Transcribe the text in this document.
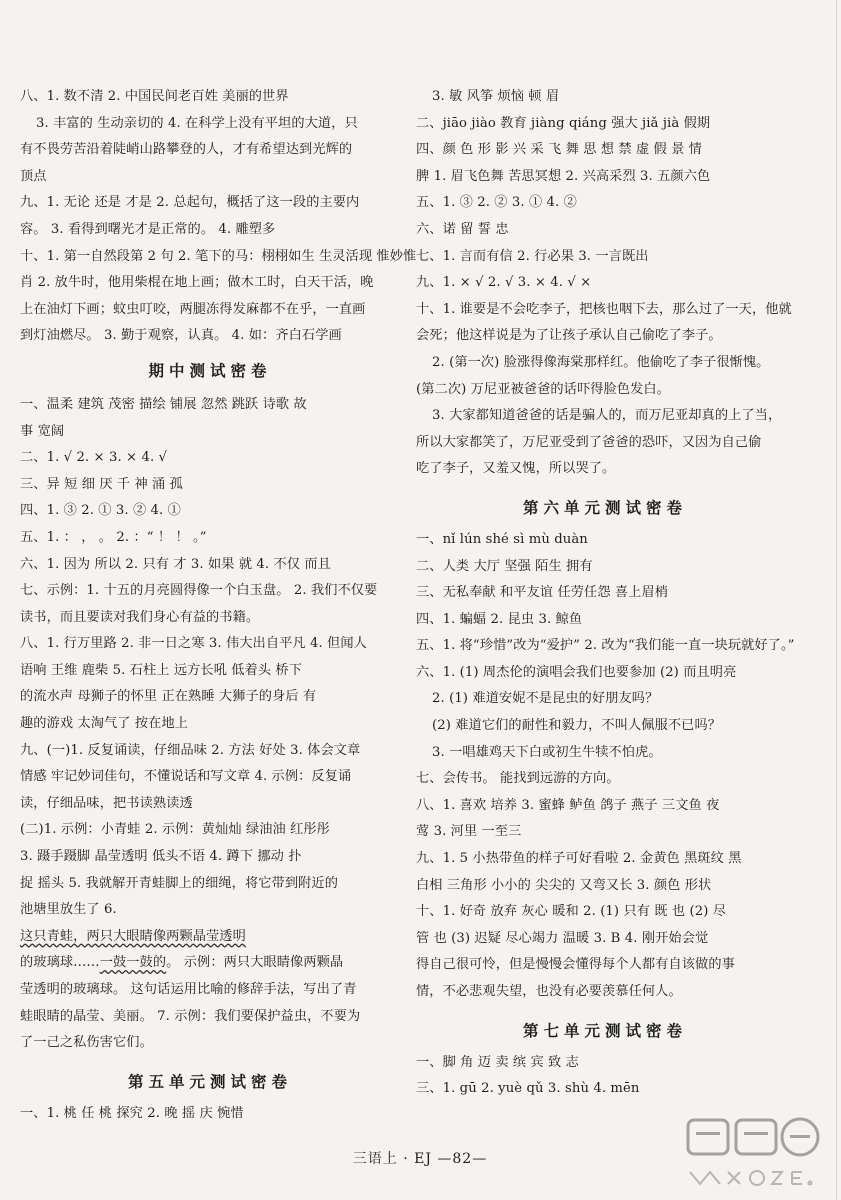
八、1. 数不清 2. 中国民间老百姓 美丽的世界
3. 丰富的 生动亲切的 4. 在科学上没有平坦的大道，只
有不畏劳苦沿着陡峭山路攀登的人，才有希望达到光辉的
顶点
九、1. 无论 还是 才是 2. 总起句，概括了这一段的主要内
容。 3. 看得到曙光才是正常的。 4. 雕塑多
十、1. 第一自然段第 2 句 2. 笔下的马：栩栩如生 生灵活现 惟妙惟
肖 2. 放牛时，他用柴棍在地上画；做木工时，白天干活，晚
上在油灯下画；蚊虫叮咬，两腿冻得发麻都不在乎，一直画
到灯油燃尽。 3. 勤于观察，认真。 4. 如：齐白石学画
期中测试密卷
一、温柔 建筑 茂密 描绘 铺展 忽然 跳跃 诗歌 故
事 宽阔
二、1. √ 2. × 3. × 4. √
三、异 短 细 厌 千 神 涌 孤
四、1. ③ 2. ① 3. ② 4. ①
五、1. ： ， 。 2. ：“ ！ ！ 。”
六、1. 因为 所以 2. 只有 才 3. 如果 就 4. 不仅 而且
七、示例：1. 十五的月亮圆得像一个白玉盘。 2. 我们不仅要
读书，而且要读对我们身心有益的书籍。
八、1. 行万里路 2. 非一日之寒 3. 伟大出自平凡 4. 但闻人
语响 王维 鹿柴 5. 石柱上 远方长吼 低着头 桥下
的流水声 母狮子的怀里 正在熟睡 大狮子的身后 有
趣的游戏 太淘气了 按在地上
九、(一)1. 反复诵读，仔细品味 2. 方法 好处 3. 体会文章
情感 牢记妙词佳句，不懂说话和写文章 4. 示例：反复诵
读，仔细品味，把书读熟读透
(二)1. 示例：小青蛙 2. 示例：黄灿灿 绿油油 红彤彤
3. 蹑手蹑脚 晶莹透明 低头不语 4. 蹲下 挪动 扑
捉 摇头 5. 我就解开青蛙脚上的细绳，将它带到附近的
池塘里放生了 6.
这只青蛙，两只大眼睛像两颗晶莹透明
的玻璃球……一鼓一鼓的。 示例：两只大眼睛像两颗晶
莹透明的玻璃球。 这句话运用比喻的修辞手法，写出了青
蛙眼睛的晶莹、美丽。 7. 示例：我们要保护益虫，不要为
了一己之私伤害它们。
第五单元测试密卷
一、1. 桃 任 桃 探究 2. 晚 摇 庆 惋惜
3. 敏 风筝 烦恼 顿 眉
二、jiāo jiào 教育 jiàng qiáng 强大 jiǎ jià 假期
四、颜 色 形 影 兴 采 飞 舞 思 想 禁 虚 假 景 情
脾 1. 眉飞色舞 苦思冥想 2. 兴高采烈 3. 五颜六色
五、1. ③ 2. ② 3. ① 4. ②
六、诺 留 誓 忠
七、1. 言而有信 2. 行必果 3. 一言既出
九、1. × √ 2. √ 3. × 4. √ ×
十、1. 谁要是不会吃李子，把核也咽下去，那么过了一天，他就
会死；他这样说是为了让孩子承认自己偷吃了李子。
2. (第一次) 脸涨得像海棠那样红。他偷吃了李子很惭愧。
(第二次) 万尼亚被爸爸的话吓得脸色发白。
3. 大家都知道爸爸的话是骗人的，而万尼亚却真的上了当，
所以大家都笑了，万尼亚受到了爸爸的恐吓，又因为自己偷
吃了李子，又羞又愧，所以哭了。
第六单元测试密卷
一、nǐ lún shé sì mù duàn
二、人类 大厅 坚强 陌生 拥有
三、无私奉献 和平友谊 任劳任怨 喜上眉梢
四、1. 蝙蝠 2. 昆虫 3. 鲸鱼
五、1. 将“珍惜”改为“爱护” 2. 改为“我们能一直一块玩就好了。”
六、1. (1) 周杰伦的演唱会我们也要参加 (2) 而且明亮
2. (1) 难道安妮不是昆虫的好朋友吗？
(2) 难道它们的耐性和毅力，不叫人佩服不已吗？
3. 一唱雄鸡天下白或初生牛犊不怕虎。
七、会传书。 能找到远游的方向。
八、1. 喜欢 培养 3. 蜜蜂 鲈鱼 鸽子 燕子 三文鱼 夜
莺 3. 河里 一至三
九、1. 5 小热带鱼的样子可好看啦 2. 金黄色 黑斑纹 黑
白相 三角形 小小的 尖尖的 又弯又长 3. 颜色 形状
十、1. 好奇 放弃 灰心 暖和 2. (1) 只有 既 也 (2) 尽
管 也 (3) 迟疑 尽心竭力 温暖 3. B 4. 刚开始会觉
得自己很可怜，但是慢慢会懂得每个人都有自该做的事
情，不必悲观失望，也没有必要羡慕任何人。
第七单元测试密卷
一、脚 角 迈 卖 缤 宾 致 志
三、1. gū 2. yuè qǔ 3. shù 4. mēn
三语上 · EJ —82—
